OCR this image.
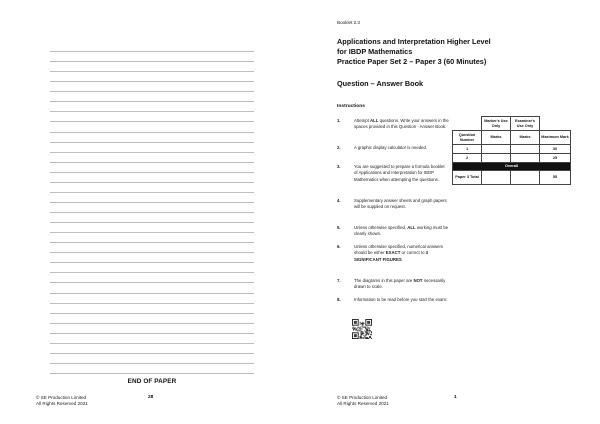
END OF PAPER
© SE Production Limited
All Rights Reserved 2021
28
Booklet 2.3
Applications and Interpretation Higher Level
for IBDP Mathematics
Practice Paper Set 2 – Paper 3 (60 Minutes)
Question – Answer Book
Instructions
1.	Attempt ALL questions. Write your answers in the spaces provided in this Question - Answer Book.
2.	A graphic display calculator is needed.
3.	You are suggested to prepare a formula booklet of Applications and Interpretation for IBDP Mathematics when attempting the questions.
4.	Supplementary answer sheets and graph papers will be supplied on request.
5.	Unless otherwise specified, ALL working must be clearly shown.
6.	Unless otherwise specified, numerical answers should be either EXACT or correct to 3 SIGNIFICANT FIGURES.
7.	The diagrams in this paper are NOT necessarily drawn to scale.
8.	Information to be read before you start the exam:
	Marker's Use Only	Examiner's Use Only	
Question Number	Marks	Marks	Maximum Mark
1			30
2			25
Overall			
Paper 3 Total			55
© SE Production Limited
All Rights Reserved 2021
1
